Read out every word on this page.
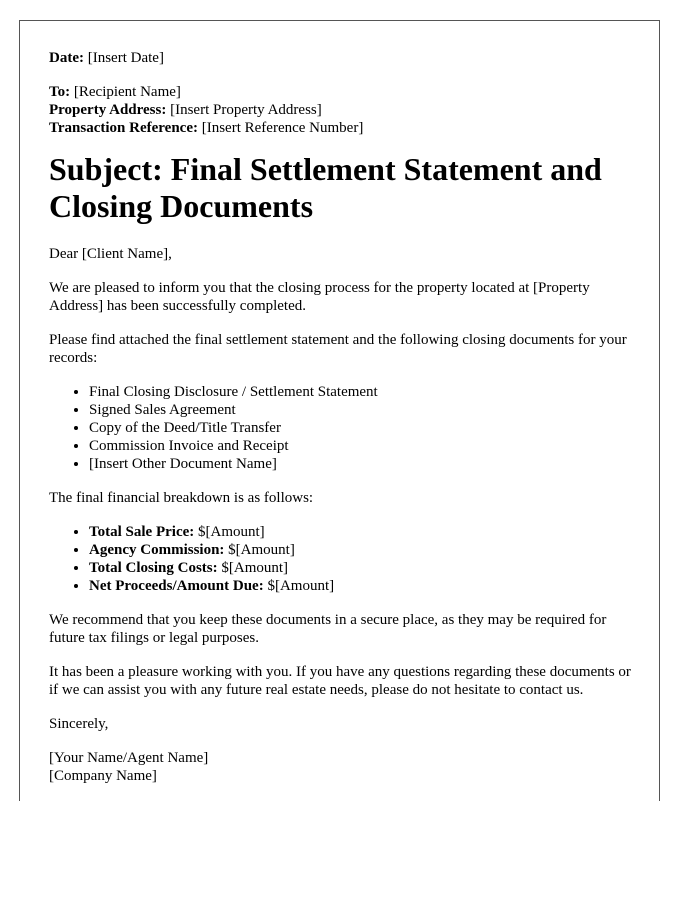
Date: [Insert Date]

To: [Recipient Name]

Property Address: [Insert Property Address]

Transaction Reference: [Insert Reference Number]

Subject: Final Settlement Statement and Closing Documents

Dear [Client Name],

We are pleased to inform you that the closing process for the property located at [Property Address] has been successfully completed.

Please find attached the final settlement statement and the following closing documents for your records:

• Final Closing Disclosure / Settlement Statement
• Signed Sales Agreement
• Copy of the Deed/Title Transfer
• Commission Invoice and Receipt
• [Insert Other Document Name]

The final financial breakdown is as follows:

• Total Sale Price: $[Amount]
• Agency Commission: $[Amount]
• Total Closing Costs: $[Amount]
• Net Proceeds/Amount Due: $[Amount]

We recommend that you keep these documents in a secure place, as they may be required for future tax filings or legal purposes.

It has been a pleasure working with you. If you have any questions regarding these documents or if we can assist you with any future real estate needs, please do not hesitate to contact us.

Sincerely,

[Your Name/Agent Name]

[Company Name]
